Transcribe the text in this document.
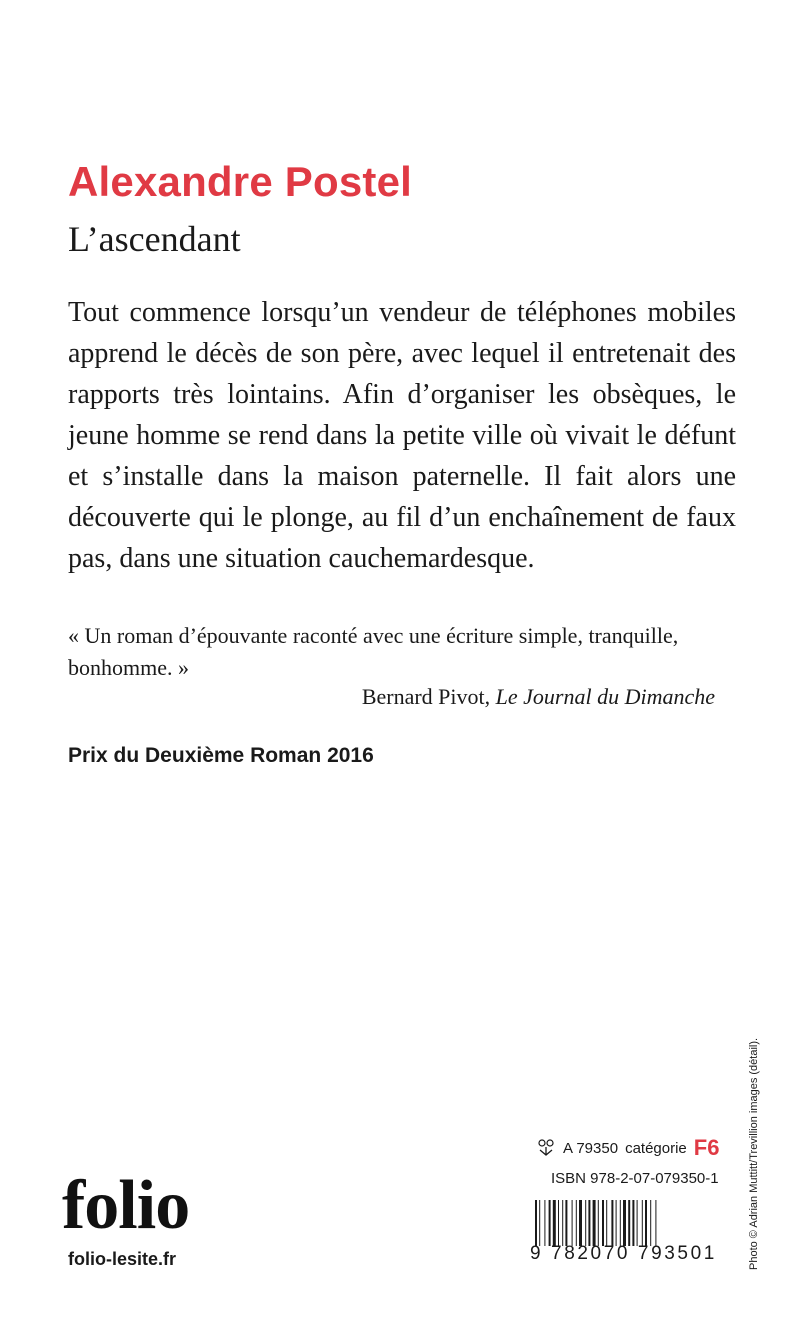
Alexandre Postel
L’ascendant

Tout commence lorsqu’un vendeur de téléphones mobiles apprend le décès de son père, avec lequel il entretenait des rapports très lointains. Afin d’organiser les obsèques, le jeune homme se rend dans la petite ville où vivait le défunt et s’installe dans la maison paternelle. Il fait alors une découverte qui le plonge, au fil d’un enchaînement de faux pas, dans une situation cauchemardesque.

« Un roman d’épouvante raconté avec une écriture simple, tranquille, bonhomme. »

Bernard Pivot, Le Journal du Dimanche

Prix du Deuxième Roman 2016

A 79350 catégorie F6

ISBN 978-2-07-079350-1

9 782070 793501
folio
folio-lesite.fr	Photo © Adrian Muttitt/Trevillion images (détail).
